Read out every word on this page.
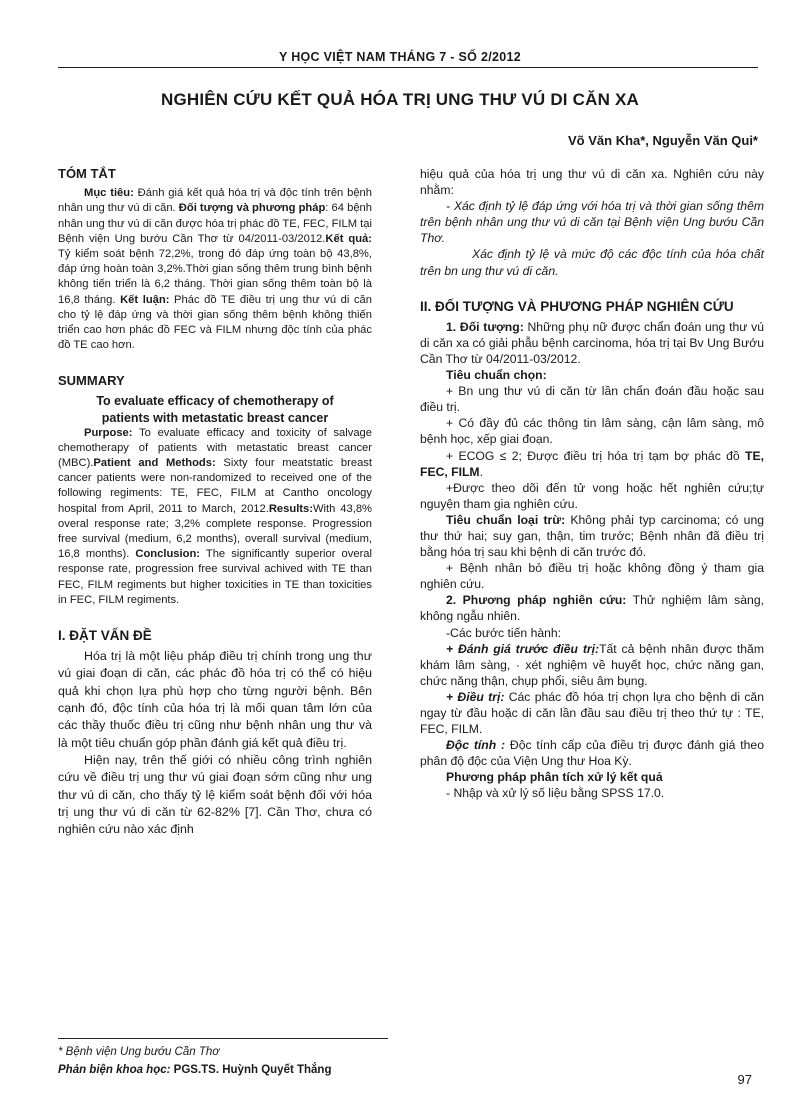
Y HỌC VIỆT NAM THÁNG 7 - SỐ 2/2012
NGHIÊN CỨU KẾT QUẢ HÓA TRỊ UNG THƯ VÚ DI CĂN XA
Võ Văn Kha*, Nguyễn Văn Qui*
TÓM TẮT

Mục tiêu: Đánh giá kết quả hóa trị và độc tính trên bệnh nhân ung thư vú di căn. Đối tượng và phương pháp: 64 bệnh nhân ung thư vú di căn được hóa trị phác đồ TE, FEC, FILM tại Bệnh viện Ung bướu Cần Thơ từ 04/2011-03/2012.Kết quả: Tỷ kiểm soát bệnh 72,2%, trong đó đáp ứng toàn bộ 43,8%, đáp ứng hoàn toàn 3,2%.Thời gian sống thêm trung bình bệnh không tiến triển là 6,2 tháng. Thời gian sống thêm toàn bộ là 16,8 tháng. Kết luận: Phác đồ TE điều trị ung thư vú di căn cho tỷ lệ đáp ứng và thời gian sống thêm bệnh không thiến triển cao hơn phác đồ FEC và FILM nhưng độc tính của phác đồ TE cao hơn.

SUMMARY
To evaluate efficacy of chemotherapy of
patients with metastatic breast cancer

Purpose: To evaluate efficacy and toxicity of salvage chemotherapy of patients with metastatic breast cancer (MBC).Patient and Methods: Sixty four meatstatic breast cancer patients were non-randomized to received one of the following regiments: TE, FEC, FILM at Cantho oncology hospital from April, 2011 to March, 2012.Results:With 43,8% overal response rate; 3,2% complete response. Progression free survival (medium, 6,2 months), overall survival (medium, 16,8 months). Conclusion: The significantly superior overal response rate, progression free survival achived with TE than FEC, FILM regiments but higher toxicities in TE than toxicities in FEC, FILM regiments.

I. ĐẶT VẤN ĐỀ

Hóa trị là một liệu pháp điều trị chính trong ung thư vú giai đoạn di căn, các phác đồ hóa trị có thể có hiệu quả khi chọn lựa phù hợp cho từng người bệnh. Bên cạnh đó, độc tính của hóa trị là mối quan tâm lớn của các thầy thuốc điều trị cũng như bệnh nhân ung thư và là một tiêu chuẩn góp phần đánh giá kết quả điều trị.

Hiện nay, trên thế giới có nhiều công trình nghiên cứu về điều trị ung thư vú giai đoạn sớm cũng như ung thư vú di căn, cho thấy tỷ lệ kiểm soát bệnh đối với hóa trị ung thư vú di căn từ 62-82% [7]. Cần Thơ, chưa có nghiên cứu nào xác định

hiệu quả của hóa trị ung thư vú di căn xa. Nghiên cứu này nhằm:

- Xác định tỷ lệ đáp ứng với hóa trị và thời gian sống thêm trên bệnh nhân ung thư vú di căn tại Bệnh viện Ung bướu Cần Thơ.

Xác định tỷ lệ và mức độ các độc tính của hóa chất trên bn ung thư vú di căn.

II. ĐỐI TƯỢNG VÀ PHƯƠNG PHÁP NGHIÊN CỨU

1. Đối tượng: Những phụ nữ được chẩn đoán ung thư vú di căn xa có giải phẫu bệnh carcinoma, hóa trị tại Bv Ung Bướu Cần Thơ từ 04/2011-03/2012.

Tiêu chuẩn chọn:

+ Bn ung thư vú di căn từ lần chẩn đoán đầu hoặc sau điều trị.

+ Có đầy đủ các thông tin lâm sàng, cận lâm sàng, mô bệnh học, xếp giai đoạn.

+ ECOG ≤ 2; Được điều trị hóa trị tạm bợ phác đồ TE, FEC, FILM.

+Được theo dõi đến tử vong hoặc hết nghiên cứu;tự nguyện tham gia nghiên cứu.

Tiêu chuẩn loại trừ: Không phải typ carcinoma; có ung thư thứ hai; suy gan, thận, tim trước; Bệnh nhân đã điều trị bằng hóa trị sau khi bệnh di căn trước đó.

+ Bệnh nhân bỏ điều trị hoặc không đồng ý tham gia nghiên cứu.

2. Phương pháp nghiên cứu: Thử nghiệm lâm sàng, không ngẫu nhiên.

-Các bước tiến hành:

+ Đánh giá trước điều trị:Tất cả bệnh nhân được thăm khám lâm sàng, · xét nghiệm về huyết học, chức năng gan, chức năng thận, chụp phổi, siêu âm bụng.

+ Điều trị: Các phác đồ hóa trị chọn lựa cho bệnh di căn ngay từ đầu hoặc di căn lần đầu sau điều trị theo thứ tự : TE, FEC, FILM.

Độc tính : Độc tính cấp của điều trị được đánh giá theo phân độ độc của Viện Ung thư Hoa Kỳ.

Phương pháp phân tích xử lý kết quả

- Nhập và xử lý số liệu bằng SPSS 17.0.

* Bệnh viện Ung bướu Cần Thơ
Phản biện khoa học: PGS.TS. Huỳnh Quyết Thắng
97
